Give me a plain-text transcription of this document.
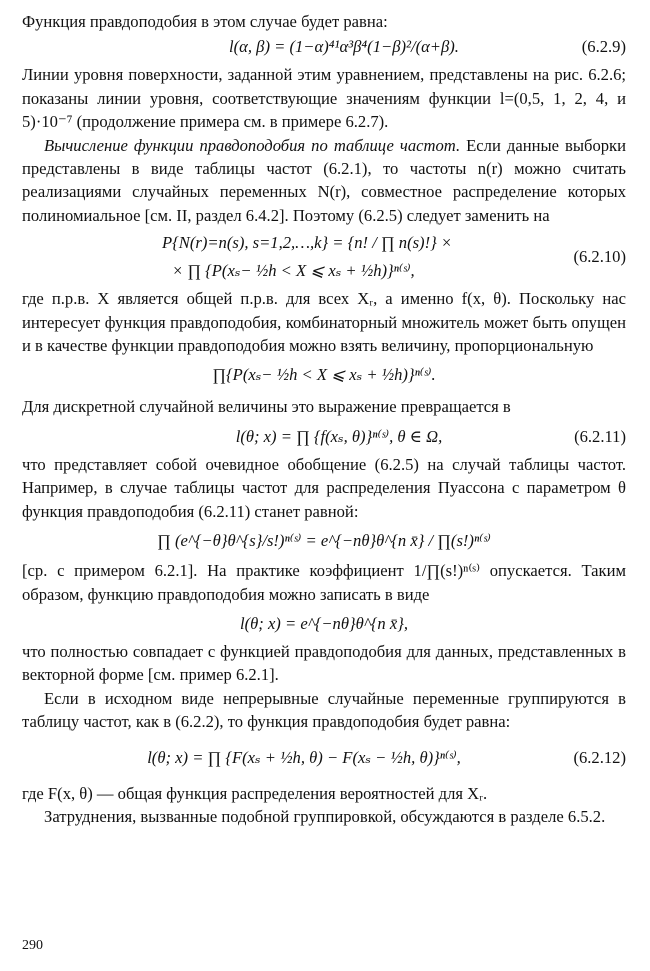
Функция правдоподобия в этом случае будет равна:

l(α, β) = (1−α)⁴¹α³β⁴(1−β)²/(α+β).	(6.2.9)

Линии уровня поверхности, заданной этим уравнением, представлены на рис. 6.2.6; показаны линии уровня, соответствующие значениям функции l=(0,5, 1, 2, 4, и 5)·10⁻⁷ (продолжение примера см. в примере 6.2.7).

Вычисление функции правдоподобия по таблице частот. Если данные выборки представлены в виде таблицы частот (6.2.1), то частоты n(r) можно считать реализациями случайных переменных N(r), совместное распределение которых полиномиальное [см. II, раздел 6.4.2]. Поэтому (6.2.5) следует заменить на

P{N(r)=n(s), s=1,2,…,k} = {n! / ∏ n(s)!} ×
× ∏ {P(xₛ− ½h < X ⩽ xₛ + ½h)}ⁿ⁽ˢ⁾,
(6.2.10)

где п.р.в. X является общей п.р.в. для всех Xᵣ, а именно f(x, θ). Поскольку нас интересует функция правдоподобия, комбинаторный множитель может быть опущен и в качестве функции правдоподобия можно взять величину, пропорциональную

∏{P(xₛ− ½h < X ⩽ xₛ + ½h)}ⁿ⁽ˢ⁾.

Для дискретной случайной величины это выражение превращается в

l(θ; x) = ∏ {f(xₛ, θ)}ⁿ⁽ˢ⁾, θ ∈ Ω,	(6.2.11)

что представляет собой очевидное обобщение (6.2.5) на случай таблицы частот. Например, в случае таблицы частот для распределения Пуассона с параметром θ функция правдоподобия (6.2.11) станет равной:

∏ (e^{−θ}θ^{s}/s!)ⁿ⁽ˢ⁾ = e^{−nθ}θ^{n x̄} / ∏(s!)ⁿ⁽ˢ⁾

[ср. с примером 6.2.1]. На практике коэффициент 1/∏(s!)ⁿ⁽ˢ⁾ опускается. Таким образом, функцию правдоподобия можно записать в виде

l(θ; x) = e^{−nθ}θ^{n x̄},

что полностью совпадает с функцией правдоподобия для данных, представленных в векторной форме [см. пример 6.2.1].

Если в исходном виде непрерывные случайные переменные группируются в таблицу частот, как в (6.2.2), то функция правдоподобия будет равна:

l(θ; x) = ∏ {F(xₛ + ½h, θ) − F(xₛ − ½h, θ)}ⁿ⁽ˢ⁾,	(6.2.12)

где F(x, θ) — общая функция распределения вероятностей для Xᵣ.

Затруднения, вызванные подобной группировкой, обсуждаются в разделе 6.5.2.

290
